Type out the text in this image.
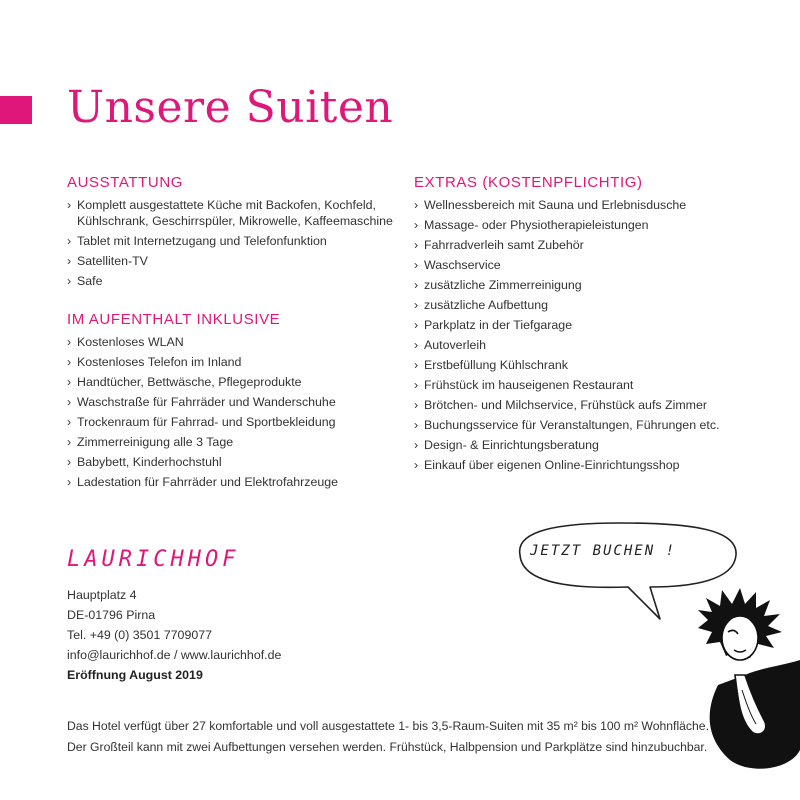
Unsere Suiten
AUSSTATTUNG
› Komplett ausgestattete Küche mit Backofen, Kochfeld, Kühlschrank, Geschirrspüler, Mikrowelle, Kaffeemaschine
› Tablet mit Internetzugang und Telefonfunktion
› Satelliten-TV
› Safe
IM AUFENTHALT INKLUSIVE
› Kostenloses WLAN
› Kostenloses Telefon im Inland
› Handtücher, Bettwäsche, Pflegeprodukte
› Waschstraße für Fahrräder und Wanderschuhe
› Trockenraum für Fahrrad- und Sportbekleidung
› Zimmerreinigung alle 3 Tage
› Babybett, Kinderhochstuhl
› Ladestation für Fahrräder und Elektrofahrzeuge
EXTRAS (KOSTENPFLICHTIG)
› Wellnessbereich mit Sauna und Erlebnisdusche
› Massage- oder Physiotherapieleistungen
› Fahrradverleih samt Zubehör
› Waschservice
› zusätzliche Zimmerreinigung
› zusätzliche Aufbettung
› Parkplatz in der Tiefgarage
› Autoverleih
› Erstbefüllung Kühlschrank
› Frühstück im hauseigenen Restaurant
› Brötchen- und Milchservice, Frühstück aufs Zimmer
› Buchungsservice für Veranstaltungen, Führungen etc.
› Design- & Einrichtungsberatung
› Einkauf über eigenen Online-Einrichtungsshop
LAURICHHOF
Hauptplatz 4
DE-01796 Pirna
Tel. +49 (0) 3501 7709077
info@laurichhof.de / www.laurichhof.de
Eröffnung August 2019
JETZT BUCHEN !
Das Hotel verfügt über 27 komfortable und voll ausgestattete 1- bis 3,5-Raum-Suiten mit 35 m² bis 100 m² Wohnfläche.
Der Großteil kann mit zwei Aufbettungen versehen werden. Frühstück, Halbpension und Parkplätze sind hinzubuchbar.
